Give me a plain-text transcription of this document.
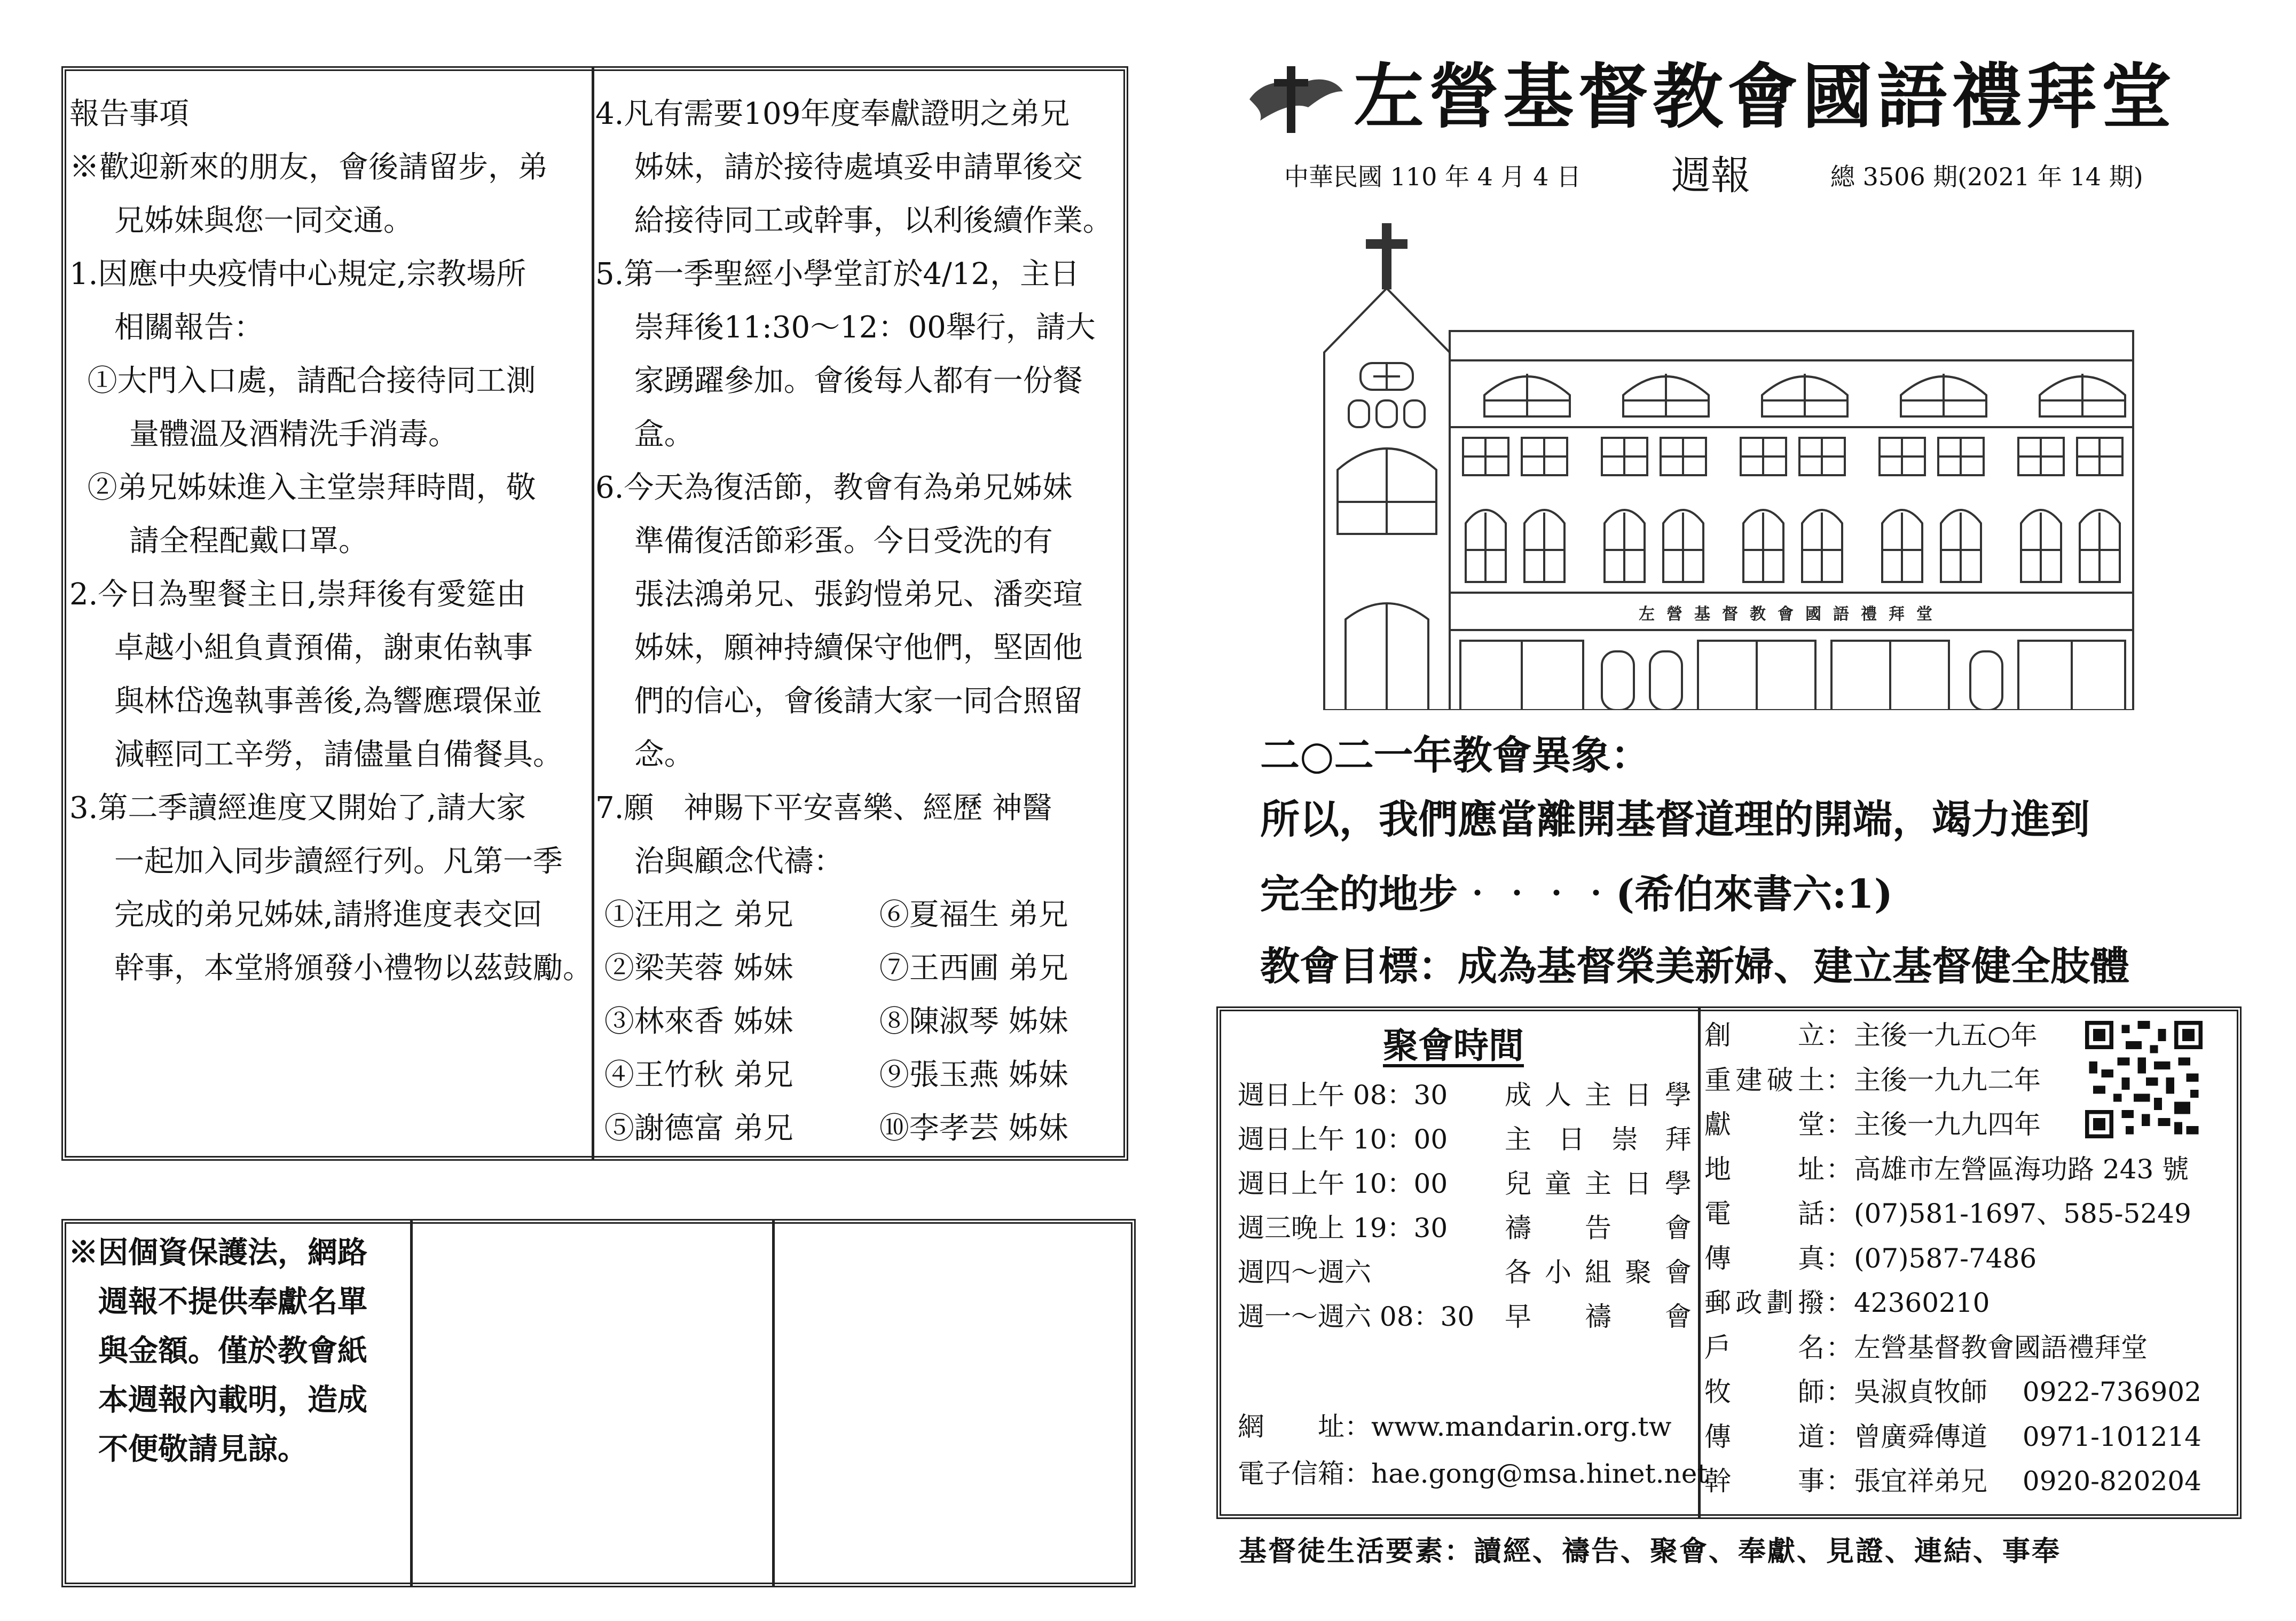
報告事項
※歡迎新來的朋友，會後請留步，弟
兄姊妹與您一同交通。
1.因應中央疫情中心規定,宗教場所
相關報告：
①大門入口處，請配合接待同工測
量體溫及酒精洗手消毒。
②弟兄姊妹進入主堂崇拜時間，敬
請全程配戴口罩。
2.今日為聖餐主日,崇拜後有愛筵由
卓越小組負責預備，謝東佑執事
與林岱逸執事善後,為響應環保並
減輕同工辛勞，請儘量自備餐具。
3.第二季讀經進度又開始了,請大家
一起加入同步讀經行列。凡第一季
完成的弟兄姊妹,請將進度表交回
幹事，本堂將頒發小禮物以茲鼓勵。
4.凡有需要109年度奉獻證明之弟兄
姊妹，請於接待處填妥申請單後交
給接待同工或幹事，以利後續作業。
5.第一季聖經小學堂訂於4/12，主日
崇拜後11:30～12：00舉行，請大
家踴躍參加。會後每人都有一份餐
盒。
6.今天為復活節，教會有為弟兄姊妹
準備復活節彩蛋。今日受洗的有
張法鴻弟兄、張鈞愷弟兄、潘奕瑄
姊妹，願神持續保守他們，堅固他
們的信心，會後請大家一同合照留
念。
7.願　神賜下平安喜樂、經歷 神醫
治與顧念代禱：
①汪用之 弟兄	⑥夏福生 弟兄
②梁芙蓉 姊妹	⑦王西圃 弟兄
③林來香 姊妹	⑧陳淑琴 姊妹
④王竹秋 弟兄	⑨張玉燕 姊妹
⑤謝德富 弟兄	⑩李孝芸 姊妹
※因個資保護法，網路
週報不提供奉獻名單
與金額。僅於教會紙
本週報內載明，造成
不便敬請見諒。
左營基督教會國語禮拜堂
中華民國 110 年 4 月 4 日 週報	總 3506 期(2021 年 14 期)
左營基督教會國語禮拜堂
二○二一年教會異象：
所以，我們應當離開基督道理的開端，竭力進到
完全的地步‧‧‧‧(希伯來書六:1)
教會目標：成為基督榮美新婦、建立基督健全肢體
聚會時間
週日上午 08：30	成人主日學
週日上午 10：00	主日崇拜
週日上午 10：00	兒童主日學
週三晚上 19：30	禱告會
週四～週六	各小組聚會
週一～週六 08：30	早禱會
網　　址：www.mandarin.org.tw
電子信箱：hae.gong@msa.hinet.net
創立 ： 主後一九五○年
重建破土 ： 主後一九九二年
獻堂 ： 主後一九九四年
地址 ： 高雄市左營區海功路 243 號
電話 ： (07)581-1697、585-5249
傳真 ： (07)587-7486
郵政劃撥 ： 42360210
戶名 ： 左營基督教會國語禮拜堂
牧師 ： 吳淑貞牧師　 0922-736902
傳道 ： 曾廣舜傳道　 0971-101214
幹事 ： 張宜祥弟兄　 0920-820204
基督徒生活要素：讀經、禱告、聚會、奉獻、見證、連結、事奉
